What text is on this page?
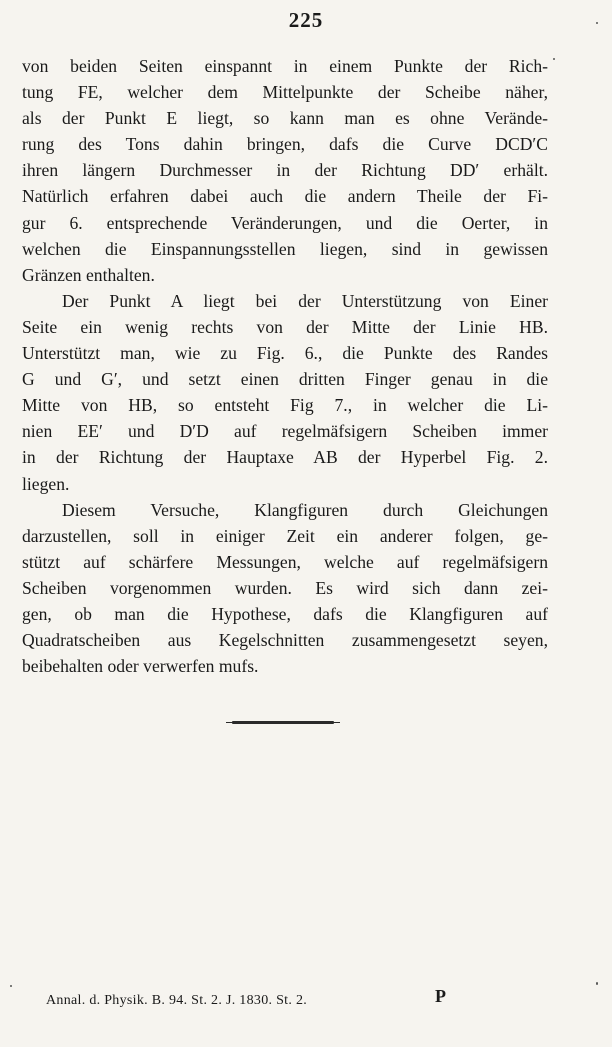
225
von beiden Seiten einspannt in einem Punkte der Rich-
tung FE, welcher dem Mittelpunkte der Scheibe näher,
als der Punkt E liegt, so kann man es ohne Verände-
rung des Tons dahin bringen, dafs die Curve DCD′C
ihren längern Durchmesser in der Richtung DD′ erhält.
Natürlich erfahren dabei auch die andern Theile der Fi-
gur 6. entsprechende Veränderungen, und die Oerter, in
welchen die Einspannungsstellen liegen, sind in gewissen
Gränzen enthalten.
Der Punkt A liegt bei der Unterstützung von Einer
Seite ein wenig rechts von der Mitte der Linie HB.
Unterstützt man, wie zu Fig. 6., die Punkte des Randes
G und G′, und setzt einen dritten Finger genau in die
Mitte von HB, so entsteht Fig 7., in welcher die Li-
nien EE′ und D′D auf regelmäfsigern Scheiben immer
in der Richtung der Hauptaxe AB der Hyperbel Fig. 2.
liegen.
Diesem Versuche, Klangfiguren durch Gleichungen
darzustellen, soll in einiger Zeit ein anderer folgen, ge-
stützt auf schärfere Messungen, welche auf regelmäfsigern
Scheiben vorgenommen wurden. Es wird sich dann zei-
gen, ob man die Hypothese, dafs die Klangfiguren auf
Quadratscheiben aus Kegelschnitten zusammengesetzt seyen,
beibehalten oder verwerfen mufs.
Annal. d. Physik. B. 94. St. 2. J. 1830. St. 2.	P
